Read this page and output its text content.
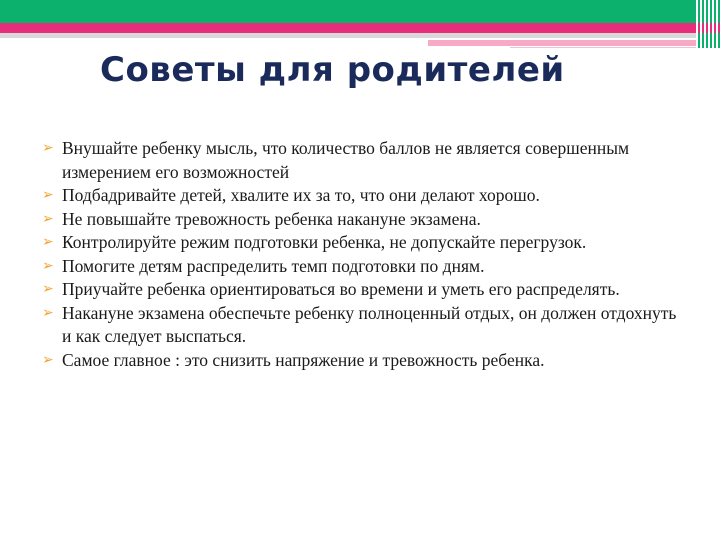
Советы для родителей
➢ Внушайте ребенку мысль, что количество баллов не является совершенным измерением его возможностей
➢ Подбадривайте детей, хвалите их за то, что они делают хорошо.
➢ Не повышайте тревожность ребенка накануне экзамена.
➢ Контролируйте режим подготовки ребенка, не допускайте перегрузок.
➢ Помогите детям распределить темп подготовки по дням.
➢ Приучайте ребенка ориентироваться во времени и уметь его распределять.
➢ Накануне экзамена обеспечьте ребенку полноценный отдых, он должен отдохнуть и как следует выспаться.
➢ Самое главное : это снизить напряжение и тревожность ребенка.
